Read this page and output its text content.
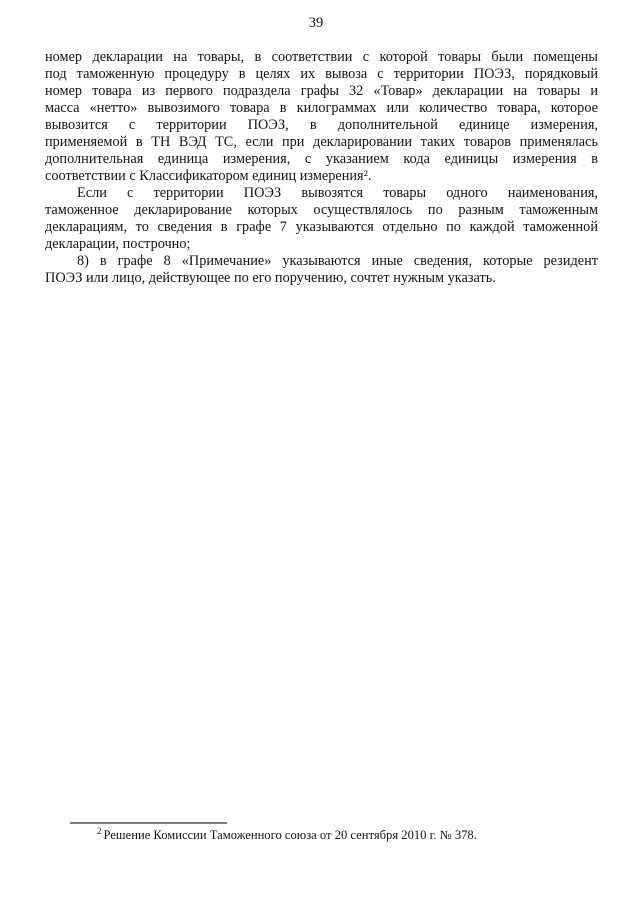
39
номер декларации на товары, в соответствии с которой товары были помещены
под таможенную процедуру в целях их вывоза с территории ПОЭЗ, порядковый
номер товара из первого подраздела графы 32 «Товар» декларации на товары и
масса «нетто» вывозимого товара в килограммах или количество товара, которое
вывозится с территории ПОЭЗ, в дополнительной единице измерения,
применяемой в ТН ВЭД ТС, если при декларировании таких товаров применялась
дополнительная единица измерения, с указанием кода единицы измерения в
соответствии с Классификатором единиц измерения².
Если с территории ПОЭЗ вывозятся товары одного наименования,
таможенное декларирование которых осуществлялось по разным таможенным
декларациям, то сведения в графе 7 указываются отдельно по каждой таможенной
декларации, построчно;
8) в графе 8 «Примечание» указываются иные сведения, которые резидент
ПОЭЗ или лицо, действующее по его поручению, сочтет нужным указать.
$^2$ Решение Комиссии Таможенного союза от 20 сентября 2010 г. № 378.
